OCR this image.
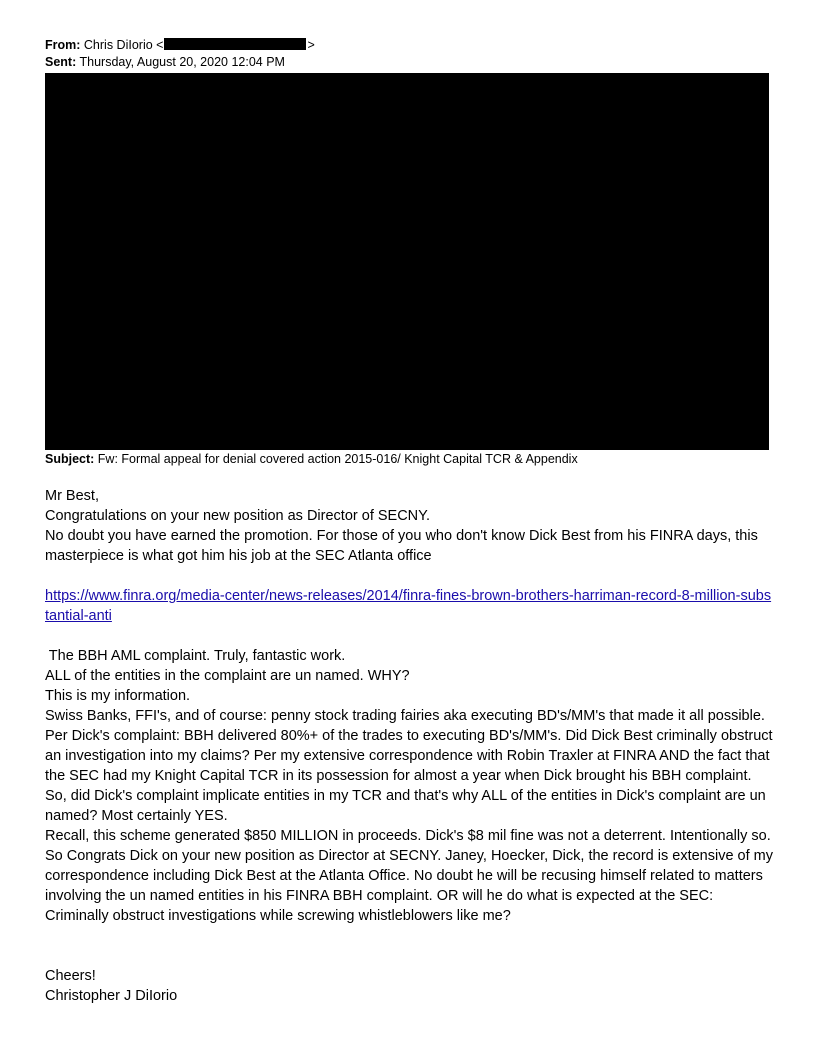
From: Chris DiIorio <	>
Sent: Thursday, August 20, 2020 12:04 PM
Subject: Fw: Formal appeal for denial covered action 2015-016/ Knight Capital TCR & Appendix

Mr Best,

Congratulations on your new position as Director of SECNY.

No doubt you have earned the promotion. For those of you who don't know Dick Best from his FINRA days, this masterpiece is what got him his job at the SEC Atlanta office

https://www.finra.org/media-center/news-releases/2014/finra-fines-brown-brothers-harriman-record-8-million-substantial-anti

The BBH AML complaint. Truly, fantastic work.

ALL of the entities in the complaint are un named. WHY?

This is my information.

Swiss Banks, FFI's, and of course: penny stock trading fairies aka executing BD's/MM's that made it all possible.

Per Dick's complaint: BBH delivered 80%+ of the trades to executing BD's/MM's. Did Dick Best criminally obstruct an investigation into my claims? Per my extensive correspondence with Robin Traxler at FINRA AND the fact that the SEC had my Knight Capital TCR in its possession for almost a year when Dick brought his BBH complaint. So, did Dick's complaint implicate entities in my TCR and that's why ALL of the entities in Dick's complaint are un named? Most certainly YES.

Recall, this scheme generated $850 MILLION in proceeds. Dick's $8 mil fine was not a deterrent. Intentionally so.

So Congrats Dick on your new position as Director at SECNY. Janey, Hoecker, Dick, the record is extensive of my correspondence including Dick Best at the Atlanta Office. No doubt he will be recusing himself related to matters involving the un named entities in his FINRA BBH complaint. OR will he do what is expected at the SEC: Criminally obstruct investigations while screwing whistleblowers like me?

Cheers!

Christopher J DiIorio
